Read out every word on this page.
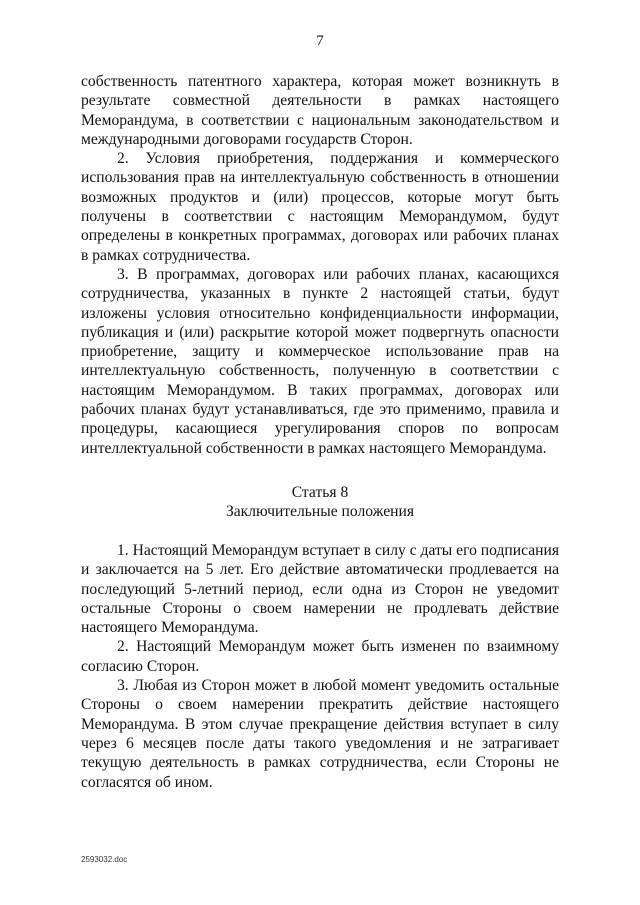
7

собственность патентного характера, которая может возникнуть в результате совместной деятельности в рамках настоящего Меморандума, в соответствии с национальным законодательством и международными договорами государств Сторон.

2. Условия приобретения, поддержания и коммерческого использования прав на интеллектуальную собственность в отношении возможных продуктов и (или) процессов, которые могут быть получены в соответствии с настоящим Меморандумом, будут определены в конкретных программах, договорах или рабочих планах в рамках сотрудничества.

3. В программах, договорах или рабочих планах, касающихся сотрудничества, указанных в пункте 2 настоящей статьи, будут изложены условия относительно конфиденциальности информации, публикация и (или) раскрытие которой может подвергнуть опасности приобретение, защиту и коммерческое использование прав на интеллектуальную собственность, полученную в соответствии с настоящим Меморандумом. В таких программах, договорах или рабочих планах будут устанавливаться, где это применимо, правила и процедуры, касающиеся урегулирования споров по вопросам интеллектуальной собственности в рамках настоящего Меморандума.

Статья 8
Заключительные положения

1. Настоящий Меморандум вступает в силу с даты его подписания и заключается на 5 лет. Его действие автоматически продлевается на последующий 5-летний период, если одна из Сторон не уведомит остальные Стороны о своем намерении не продлевать действие настоящего Меморандума.

2. Настоящий Меморандум может быть изменен по взаимному согласию Сторон.

3. Любая из Сторон может в любой момент уведомить остальные Стороны о своем намерении прекратить действие настоящего Меморандума. В этом случае прекращение действия вступает в силу через 6 месяцев после даты такого уведомления и не затрагивает текущую деятельность в рамках сотрудничества, если Стороны не согласятся об ином.

2593032.doc
